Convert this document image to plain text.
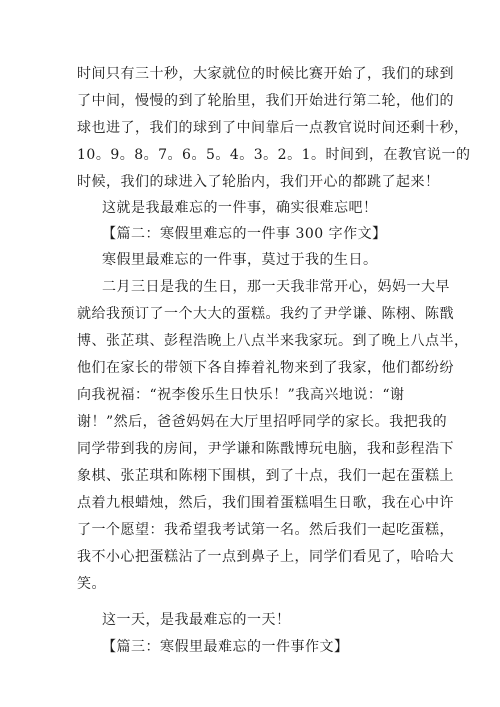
时间只有三十秒，大家就位的时候比赛开始了，我们的球到
了中间，慢慢的到了轮胎里，我们开始进行第二轮，他们的
球也进了，我们的球到了中间靠后一点教官说时间还剩十秒，
10。9。8。7。6。5。4。3。2。1。时间到，在教官说一的
时候，我们的球进入了轮胎内，我们开心的都跳了起来！
这就是我最难忘的一件事，确实很难忘吧！
【篇二：寒假里难忘的一件事 300 字作文】
寒假里最难忘的一件事，莫过于我的生日。
二月三日是我的生日，那一天我非常开心，妈妈一大早
就给我预订了一个大大的蛋糕。我约了尹学谦、陈栩、陈戬
博、张芷琪、彭程浩晚上八点半来我家玩。到了晚上八点半，
他们在家长的带领下各自捧着礼物来到了我家，他们都纷纷
向我祝福：“祝李俊乐生日快乐！”我高兴地说：“谢
谢！”然后，爸爸妈妈在大厅里招呼同学的家长。我把我的
同学带到我的房间，尹学谦和陈戬博玩电脑，我和彭程浩下
象棋、张芷琪和陈栩下围棋，到了十点，我们一起在蛋糕上
点着九根蜡烛，然后，我们围着蛋糕唱生日歌，我在心中许
了一个愿望：我希望我考试第一名。然后我们一起吃蛋糕，
我不小心把蛋糕沾了一点到鼻子上，同学们看见了，哈哈大
笑。
这一天，是我最难忘的一天！
【篇三：寒假里最难忘的一件事作文】
